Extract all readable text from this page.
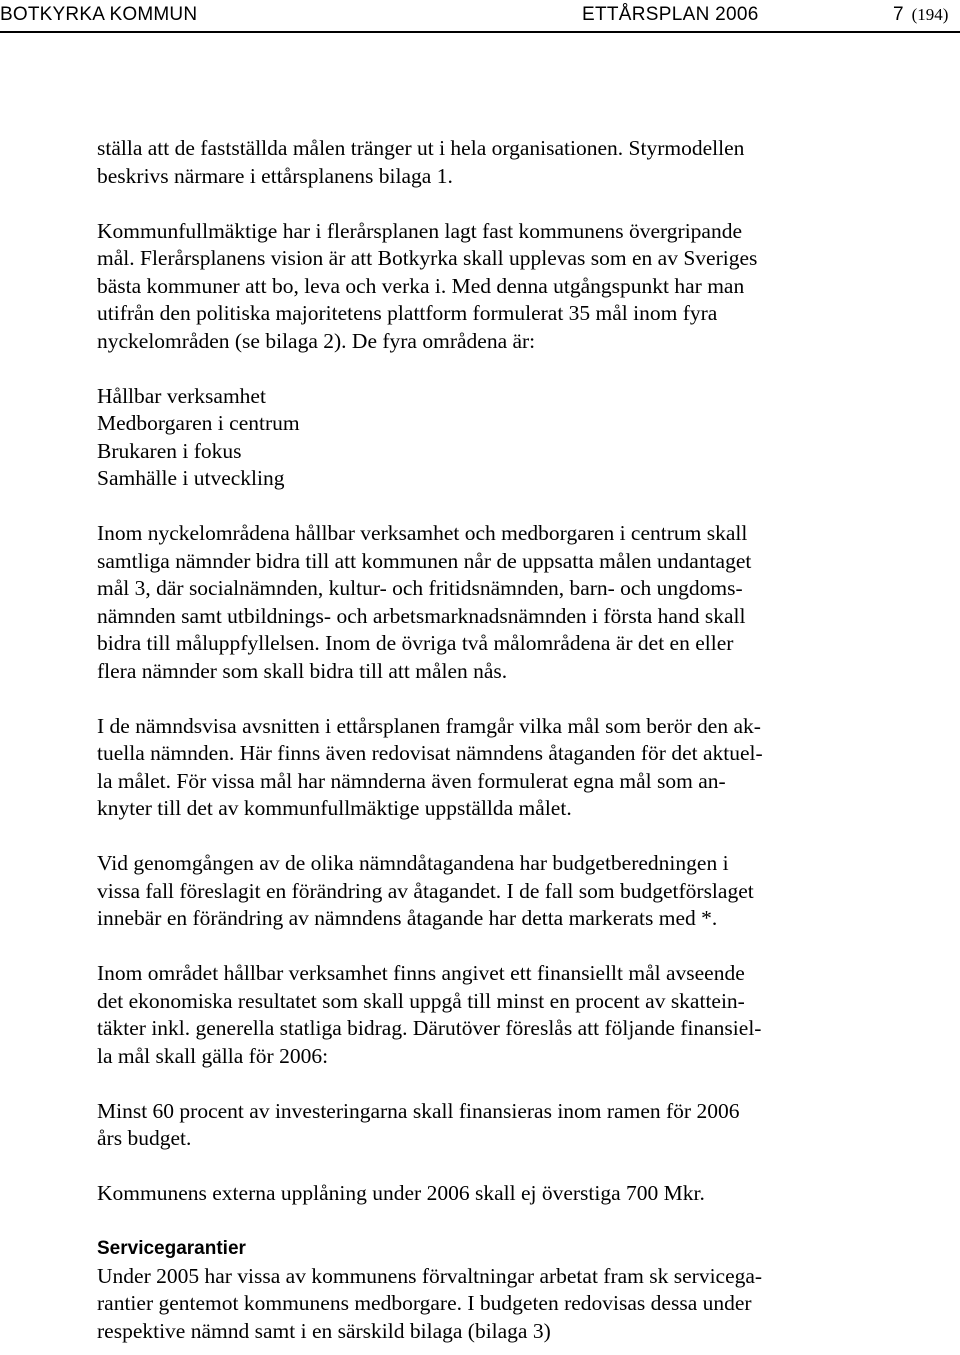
BOTKYRKA KOMMUN	ETTÅRSPLAN 2006	7 (194)
ställa att de fastställda målen tränger ut i hela organisationen. Styrmodellen
beskrivs närmare i ettårsplanens bilaga 1.
Kommunfullmäktige har i flerårsplanen lagt fast kommunens övergripande
mål. Flerårsplanens vision är att Botkyrka skall upplevas som en av Sveriges
bästa kommuner att bo, leva och verka i. Med denna utgångspunkt har man
utifrån den politiska majoritetens plattform formulerat 35 mål inom fyra
nyckelområden (se bilaga 2). De fyra områdena är:
Hållbar verksamhet
Medborgaren i centrum
Brukaren i fokus
Samhälle i utveckling
Inom nyckelområdena hållbar verksamhet och medborgaren i centrum skall
samtliga nämnder bidra till att kommunen når de uppsatta målen undantaget
mål 3, där socialnämnden, kultur- och fritidsnämnden, barn- och ungdoms-
nämnden samt utbildnings- och arbetsmarknadsnämnden i första hand skall
bidra till måluppfyllelsen. Inom de övriga två målområdena är det en eller
flera nämnder som skall bidra till att målen nås.
I de nämndsvisa avsnitten i ettårsplanen framgår vilka mål som berör den ak-
tuella nämnden. Här finns även redovisat nämndens åtaganden för det aktuel-
la målet. För vissa mål har nämnderna även formulerat egna mål som an-
knyter till det av kommunfullmäktige uppställda målet.
Vid genomgången av de olika nämndåtagandena har budgetberedningen i
vissa fall föreslagit en förändring av åtagandet. I de fall som budgetförslaget
innebär en förändring av nämndens åtagande har detta markerats med *.
Inom området hållbar verksamhet finns angivet ett finansiellt mål avseende
det ekonomiska resultatet som skall uppgå till minst en procent av skattein-
täkter inkl. generella statliga bidrag. Därutöver föreslås att följande finansiel-
la mål skall gälla för 2006:
Minst 60 procent av investeringarna skall finansieras inom ramen för 2006
års budget.
Kommunens externa upplåning under 2006 skall ej överstiga 700 Mkr.
Servicegarantier
Under 2005 har vissa av kommunens förvaltningar arbetat fram sk servicega-
rantier gentemot kommunens medborgare. I budgeten redovisas dessa under
respektive nämnd samt i en särskild bilaga (bilaga 3)
